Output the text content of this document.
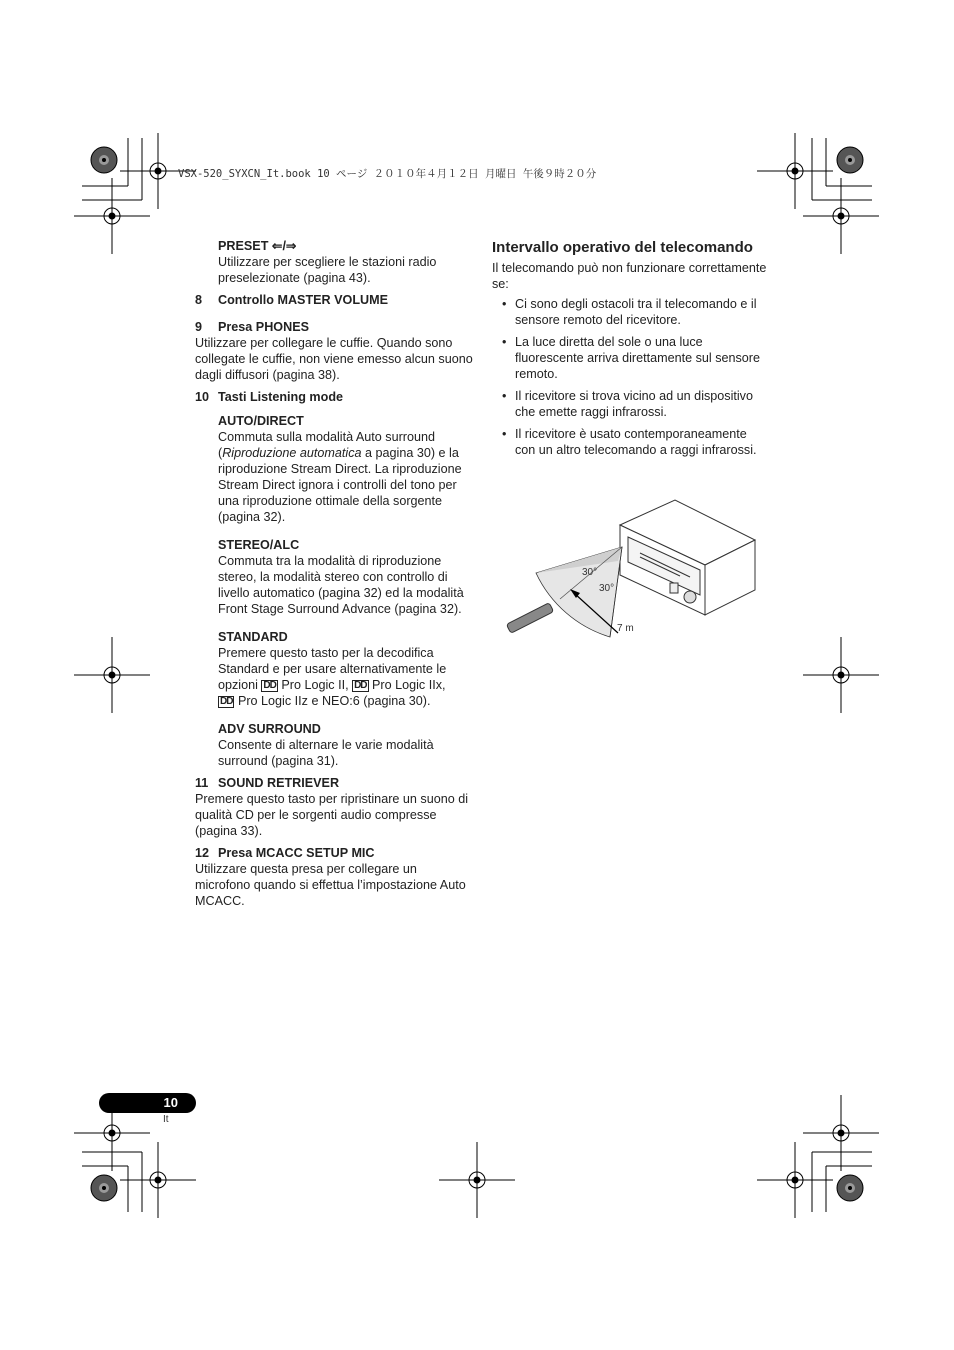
VSX-520_SYXCN_It.book 10 ページ ２０１０年４月１２日 月曜日 午後９時２０分
PRESET ⇐/⇒
Utilizzare per scegliere le stazioni radio preselezionate (pagina 43).
8 Controllo MASTER VOLUME
9 Presa PHONES
Utilizzare per collegare le cuffie. Quando sono collegate le cuffie, non viene emesso alcun suono dagli diffusori (pagina 38).
10 Tasti Listening mode
AUTO/DIRECT
Commuta sulla modalità Auto surround (Riproduzione automatica a pagina 30) e la riproduzione Stream Direct. La riproduzione Stream Direct ignora i controlli del tono per una riproduzione ottimale della sorgente (pagina 32).
STEREO/ALC
Commuta tra la modalità di riproduzione stereo, la modalità stereo con controllo di livello automatico (pagina 32) ed la modalità Front Stage Surround Advance (pagina 32).
STANDARD
Premere questo tasto per la decodifica Standard e per usare alternativamente le opzioni DD Pro Logic II, DD Pro Logic IIx,
DD Pro Logic IIz e NEO:6 (pagina 30).
ADV SURROUND
Consente di alternare le varie modalità surround (pagina 31).
11 SOUND RETRIEVER
Premere questo tasto per ripristinare un suono di qualità CD per le sorgenti audio compresse (pagina 33).
12 Presa MCACC SETUP MIC
Utilizzare questa presa per collegare un microfono quando si effettua l’impostazione Auto MCACC.
Intervallo operativo del telecomando
Il telecomando può non funzionare correttamente se:
• Ci sono degli ostacoli tra il telecomando e il sensore remoto del ricevitore.
• La luce diretta del sole o una luce fluorescente arriva direttamente sul sensore remoto.
• Il ricevitore si trova vicino ad un dispositivo che emette raggi infrarossi.
• Il ricevitore è usato contemporaneamente con un altro telecomando a raggi infrarossi.
30°
30°
7 m
10
It
